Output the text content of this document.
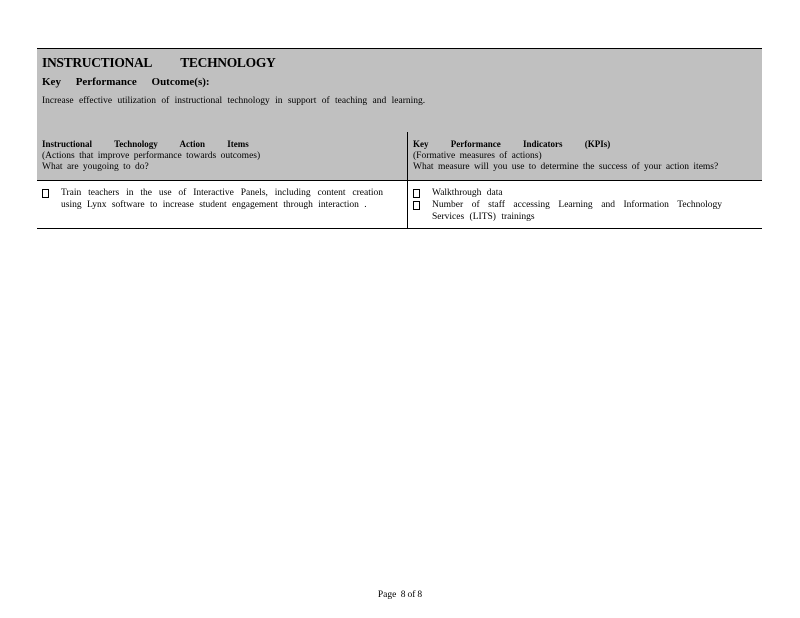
INSTRUCTIONAL TECHNOLOGY
Key Performance Outcome(s):
Increase effective utilization of instructional technology in support of teaching and learning.
Instructional Technology Action Items
(Actions that improve performance towards outcomes)
What are yougoing to do?
Key Performance Indicators (KPIs)
(Formative measures of actions)
What measure will you use to determine the success of your action items?
Train teachers in the use of Interactive Panels, including content creation using Lynx software to increase student engagement through interaction .
Walkthrough data
Number of staff accessing Learning and Information Technology Services (LITS) trainings
Page 8 of 8
